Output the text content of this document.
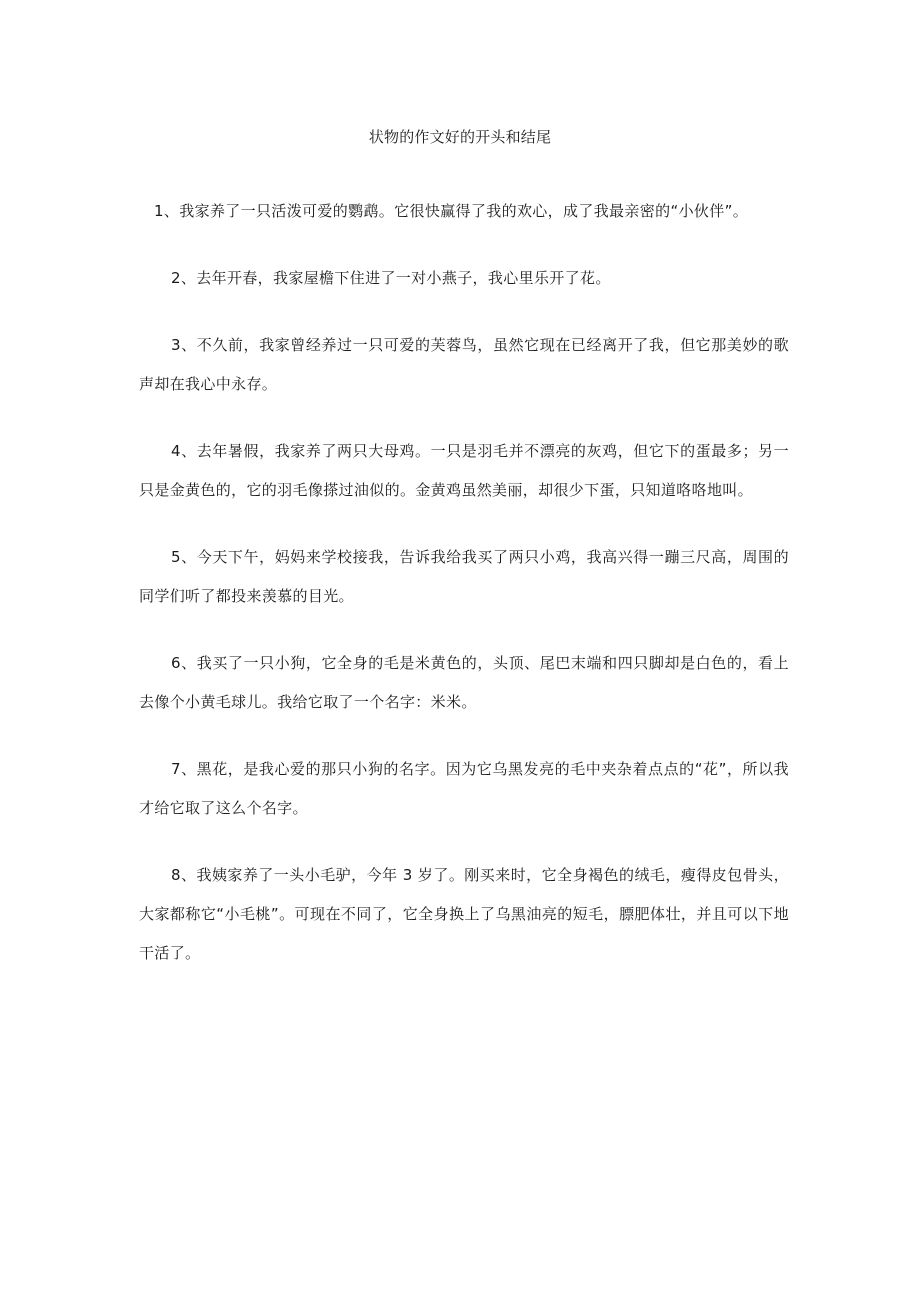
状物的作文好的开头和结尾

1、我家养了一只活泼可爱的鹦鹉。它很快赢得了我的欢心，成了我最亲密的“小伙伴”。

2、去年开春，我家屋檐下住进了一对小燕子，我心里乐开了花。

3、不久前，我家曾经养过一只可爱的芙蓉鸟，虽然它现在已经离开了我，但它那美妙的歌声却在我心中永存。

4、去年暑假，我家养了两只大母鸡。一只是羽毛并不漂亮的灰鸡，但它下的蛋最多；另一只是金黄色的，它的羽毛像搽过油似的。金黄鸡虽然美丽，却很少下蛋，只知道咯咯地叫。

5、今天下午，妈妈来学校接我，告诉我给我买了两只小鸡，我高兴得一蹦三尺高，周围的同学们听了都投来羡慕的目光。

6、我买了一只小狗，它全身的毛是米黄色的，头顶、尾巴末端和四只脚却是白色的，看上去像个小黄毛球儿。我给它取了一个名字：米米。

7、黑花，是我心爱的那只小狗的名字。因为它乌黑发亮的毛中夹杂着点点的“花”，所以我才给它取了这么个名字。

8、我姨家养了一头小毛驴，今年 3 岁了。刚买来时，它全身褐色的绒毛，瘦得皮包骨头，大家都称它“小毛桃”。可现在不同了，它全身换上了乌黑油亮的短毛，膘肥体壮，并且可以下地干活了。
